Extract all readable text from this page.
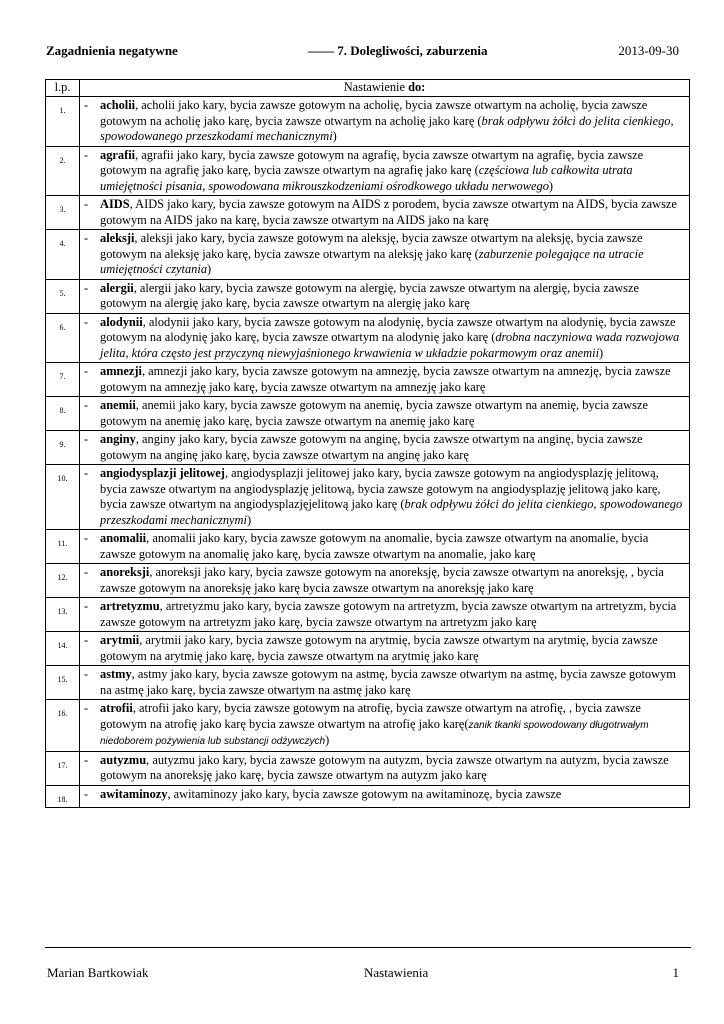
Zagadnienia negatywne	—— 7. Dolegliwości, zaburzenia	2013-09-30
l.p.	Nastawienie do:
1.	- acholii, acholii jako kary, bycia zawsze gotowym na acholię, bycia zawsze otwartym na acholię, bycia zawsze gotowym na acholię jako karę, bycia zawsze otwartym na acholię jako karę (brak odpływu żółci do jelita cienkiego, spowodowanego przeszkodami mechanicznymi)

2.	- agrafii, agrafii jako kary, bycia zawsze gotowym na agrafię, bycia zawsze otwartym na agrafię, bycia zawsze gotowym na agrafię jako karę, bycia zawsze otwartym na agrafię jako karę (częściowa lub całkowita utrata umiejętności pisania, spowodowana mikrouszkodzeniami ośrodkowego układu nerwowego)

3.	- AIDS, AIDS jako kary, bycia zawsze gotowym na AIDS z porodem, bycia zawsze otwartym na AIDS, bycia zawsze gotowym na AIDS jako na karę, bycia zawsze otwartym na AIDS jako na karę

4.	- aleksji, aleksji jako kary, bycia zawsze gotowym na aleksję, bycia zawsze otwartym na aleksję, bycia zawsze gotowym na aleksję jako karę, bycia zawsze otwartym na aleksję jako karę (zaburzenie polegające na utracie umiejętności czytania)

5.	- alergii, alergii jako kary, bycia zawsze gotowym na alergię, bycia zawsze otwartym na alergię, bycia zawsze gotowym na alergię jako karę, bycia zawsze otwartym na alergię jako karę

6.	- alodynii, alodynii jako kary, bycia zawsze gotowym na alodynię, bycia zawsze otwartym na alodynię, bycia zawsze gotowym na alodynię jako karę, bycia zawsze otwartym na alodynię jako karę (drobna naczyniowa wada rozwojowa jelita, która często jest przyczyną niewyjaśnionego krwawienia w układzie pokarmowym oraz anemii)

7.	- amnezji, amnezji jako kary, bycia zawsze gotowym na amnezję, bycia zawsze otwartym na amnezję, bycia zawsze gotowym na amnezję jako karę, bycia zawsze otwartym na amnezję jako karę

8.	- anemii, anemii jako kary, bycia zawsze gotowym na anemię, bycia zawsze otwartym na anemię, bycia zawsze gotowym na anemię jako karę, bycia zawsze otwartym na anemię jako karę

9.	- anginy, anginy jako kary, bycia zawsze gotowym na anginę, bycia zawsze otwartym na anginę, bycia zawsze gotowym na anginę jako karę, bycia zawsze otwartym na anginę jako karę

10.	- angiodysplazji jelitowej, angiodysplazji jelitowej jako kary, bycia zawsze gotowym na angiodysplazję jelitową, bycia zawsze otwartym na angiodysplazję jelitową, bycia zawsze gotowym na angiodysplazję jelitową jako karę, bycia zawsze otwartym na angiodysplazjęjelitową jako karę (brak odpływu żółci do jelita cienkiego, spowodowanego przeszkodami mechanicznymi)

11.	- anomalii, anomalii jako kary, bycia zawsze gotowym na anomalie, bycia zawsze otwartym na anomalie, bycia zawsze gotowym na anomalię jako karę, bycia zawsze otwartym na anomalie, jako karę

12.	- anoreksji, anoreksji jako kary, bycia zawsze gotowym na anoreksję, bycia zawsze otwartym na anoreksję, , bycia zawsze gotowym na anoreksję jako karę bycia zawsze otwartym na anoreksję jako karę

13.	- artretyzmu, artretyzmu jako kary, bycia zawsze gotowym na artretyzm, bycia zawsze otwartym na artretyzm, bycia zawsze gotowym na artretyzm jako karę, bycia zawsze otwartym na artretyzm jako karę

14.	- arytmii, arytmii jako kary, bycia zawsze gotowym na arytmię, bycia zawsze otwartym na arytmię, bycia zawsze gotowym na arytmię jako karę, bycia zawsze otwartym na arytmię jako karę

15.	- astmy, astmy jako kary, bycia zawsze gotowym na astmę, bycia zawsze otwartym na astmę, bycia zawsze gotowym na astmę jako karę, bycia zawsze otwartym na astmę jako karę

16.	- atrofii, atrofii jako kary, bycia zawsze gotowym na atrofię, bycia zawsze otwartym na atrofię, , bycia zawsze gotowym na atrofię jako karę bycia zawsze otwartym na atrofię jako karę(zanik tkanki spowodowany długotrwałym niedoborem pożywienia lub substancji odżywczych)

17.	- autyzmu, autyzmu jako kary, bycia zawsze gotowym na autyzm, bycia zawsze otwartym na autyzm, bycia zawsze gotowym na anoreksję jako karę, bycia zawsze otwartym na autyzm jako karę

18.	- awitaminozy, awitaminozy jako kary, bycia zawsze gotowym na awitaminozę, bycia zawsze
Marian Bartkowiak	Nastawienia	1
